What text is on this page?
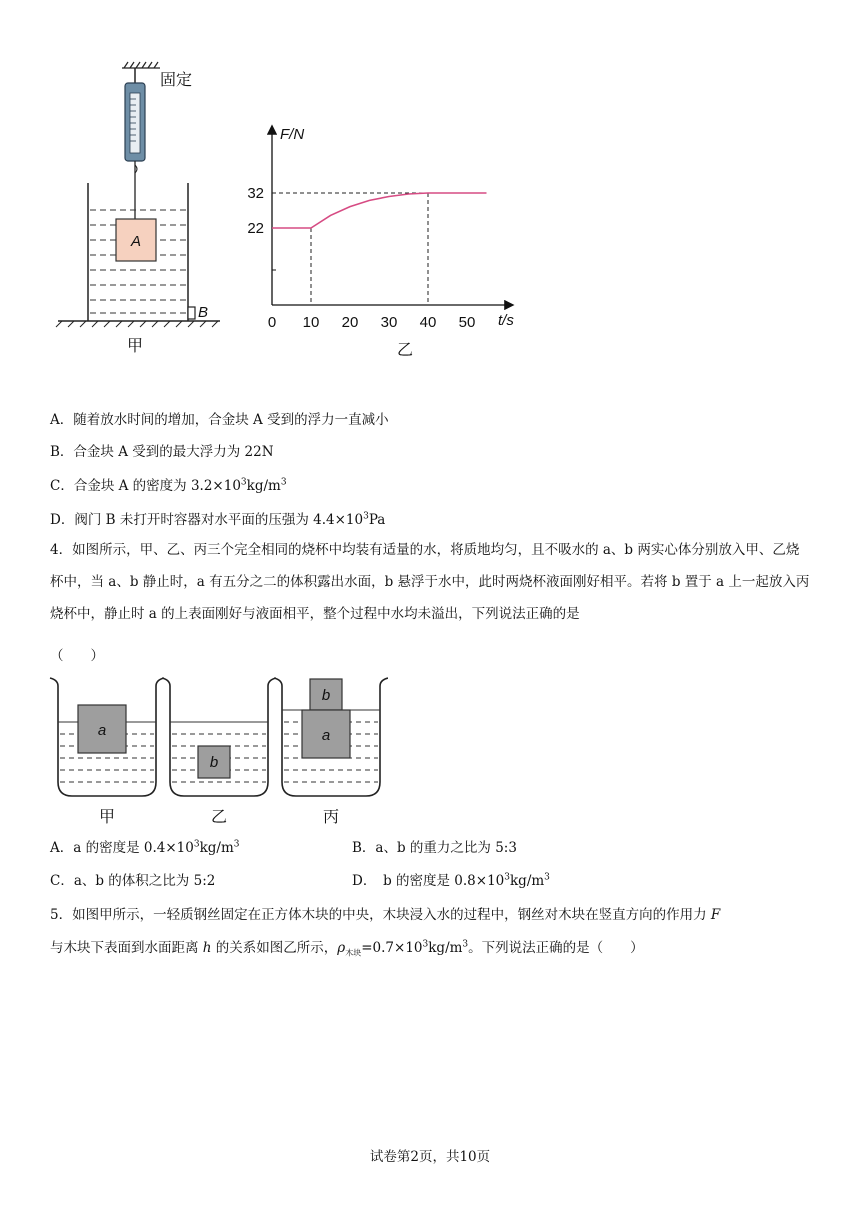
固定
A
B
甲
F/N
t/s
0 10 20 30 40 50
22
32
乙
A．随着放水时间的增加，合金块 A 受到的浮力一直减小
B．合金块 A 受到的最大浮力为 22N
C．合金块 A 的密度为 $3.2\times 10^3kg/m^3$
D．阀门 B 未打开时容器对水平面的压强为 $4.4\times 10^3Pa$
4．如图所示，甲、乙、丙三个完全相同的烧杯中均装有适量的水，将质地均匀，且不吸水的 a、b 两实心体分别放入甲、乙烧杯中，当 a、b 静止时，a 有五分之二的体积露出水面，b 悬浮于水中，此时两烧杯液面刚好相平。若将 b 置于 a 上一起放入丙烧杯中，静止时 a 的上表面刚好与液面相平，整个过程中水均未溢出，下列说法正确的是
（　　）
a
甲
b
乙
b
a
丙
A．a 的密度是 $0.4\times 10^3kg/m^3$	B．a、b 的重力之比为 5:3
C．a、b 的体积之比为 5:2	D．　b 的密度是 $0.8\times 10^3kg/m^3$
5．如图甲所示，一轻质钢丝固定在正方体木块的中央，木块浸入水的过程中，钢丝对木块在竖直方向的作用力 F
与木块下表面到水面距离 h 的关系如图乙所示，$\rho_{木块}=0.7\times 10^3kg/m^3$。下列说法正确的是（　　）
试卷第2页，共10页
